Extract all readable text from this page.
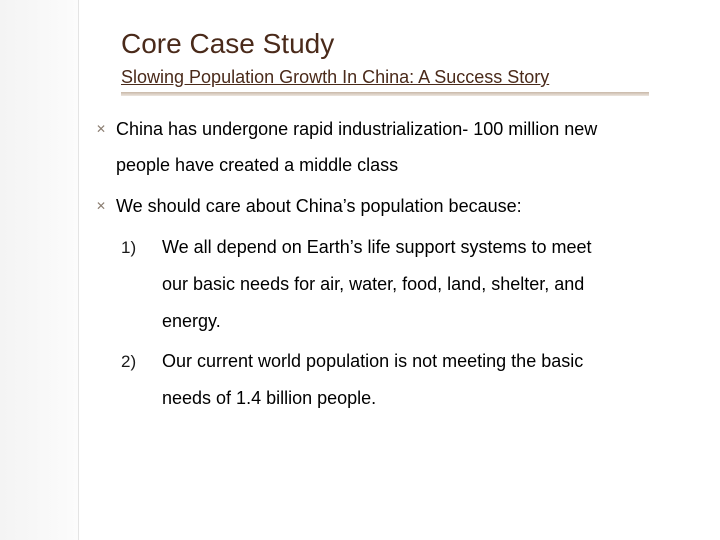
Core Case Study
Slowing Population Growth In China: A Success Story
✕ China has undergone rapid industrialization- 100 million new
people have created a middle class
✕ We should care about China’s population because:
1) We all depend on Earth’s life support systems to meet
our basic needs for air, water, food, land, shelter, and
energy.
2) Our current world population is not meeting the basic
needs of 1.4 billion people.
